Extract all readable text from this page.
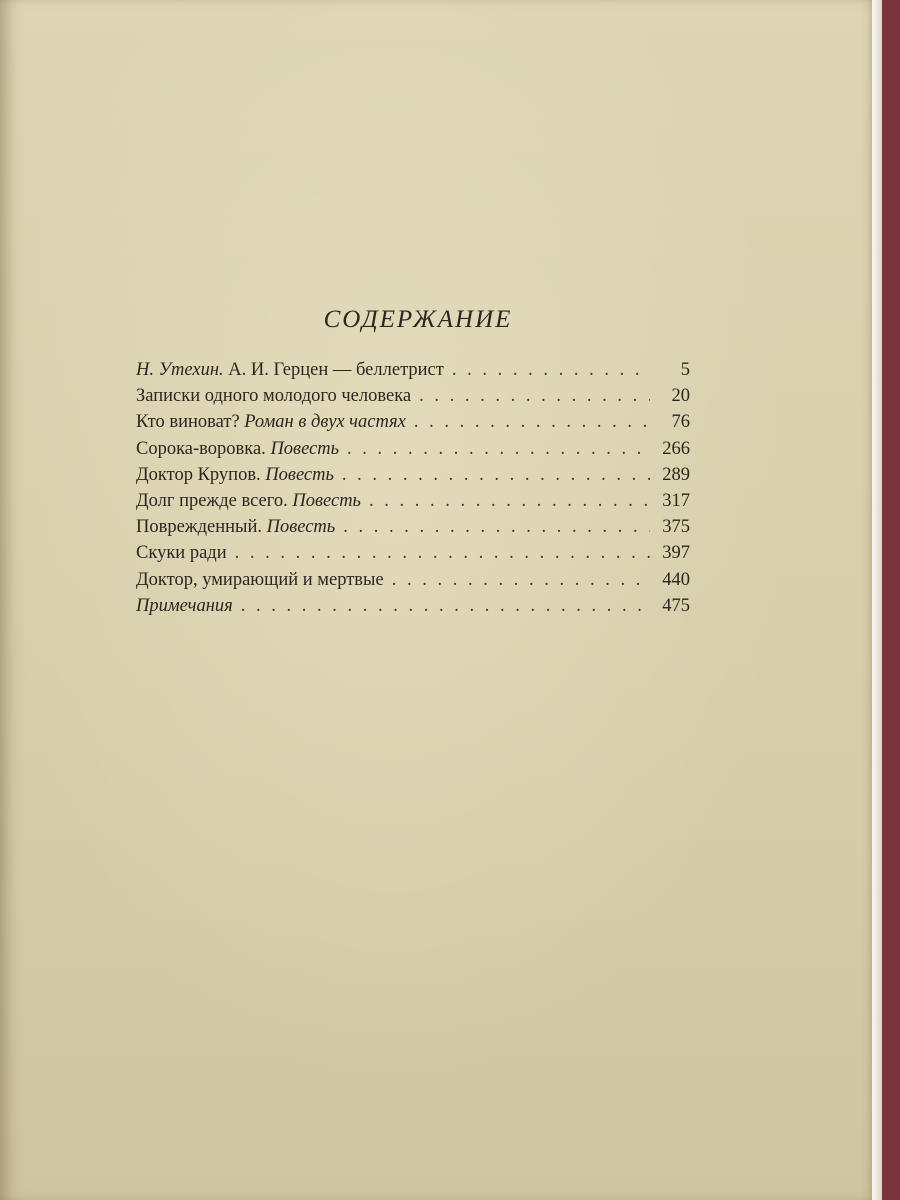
СОДЕРЖАНИЕ
Н. Утехин. А. И. Герцен — беллетрист . . .	5
Записки одного молодого человека . . .	20
Кто виноват? Роман в двух частях . . .	76
Сорока-воровка. Повесть . . .	266
Доктор Крупов. Повесть . . .	289
Долг прежде всего. Повесть . . .	317
Поврежденный. Повесть . . .	375
Скуки ради . . .	397
Доктор, умирающий и мертвые . . .	440
Примечания . . .	475
